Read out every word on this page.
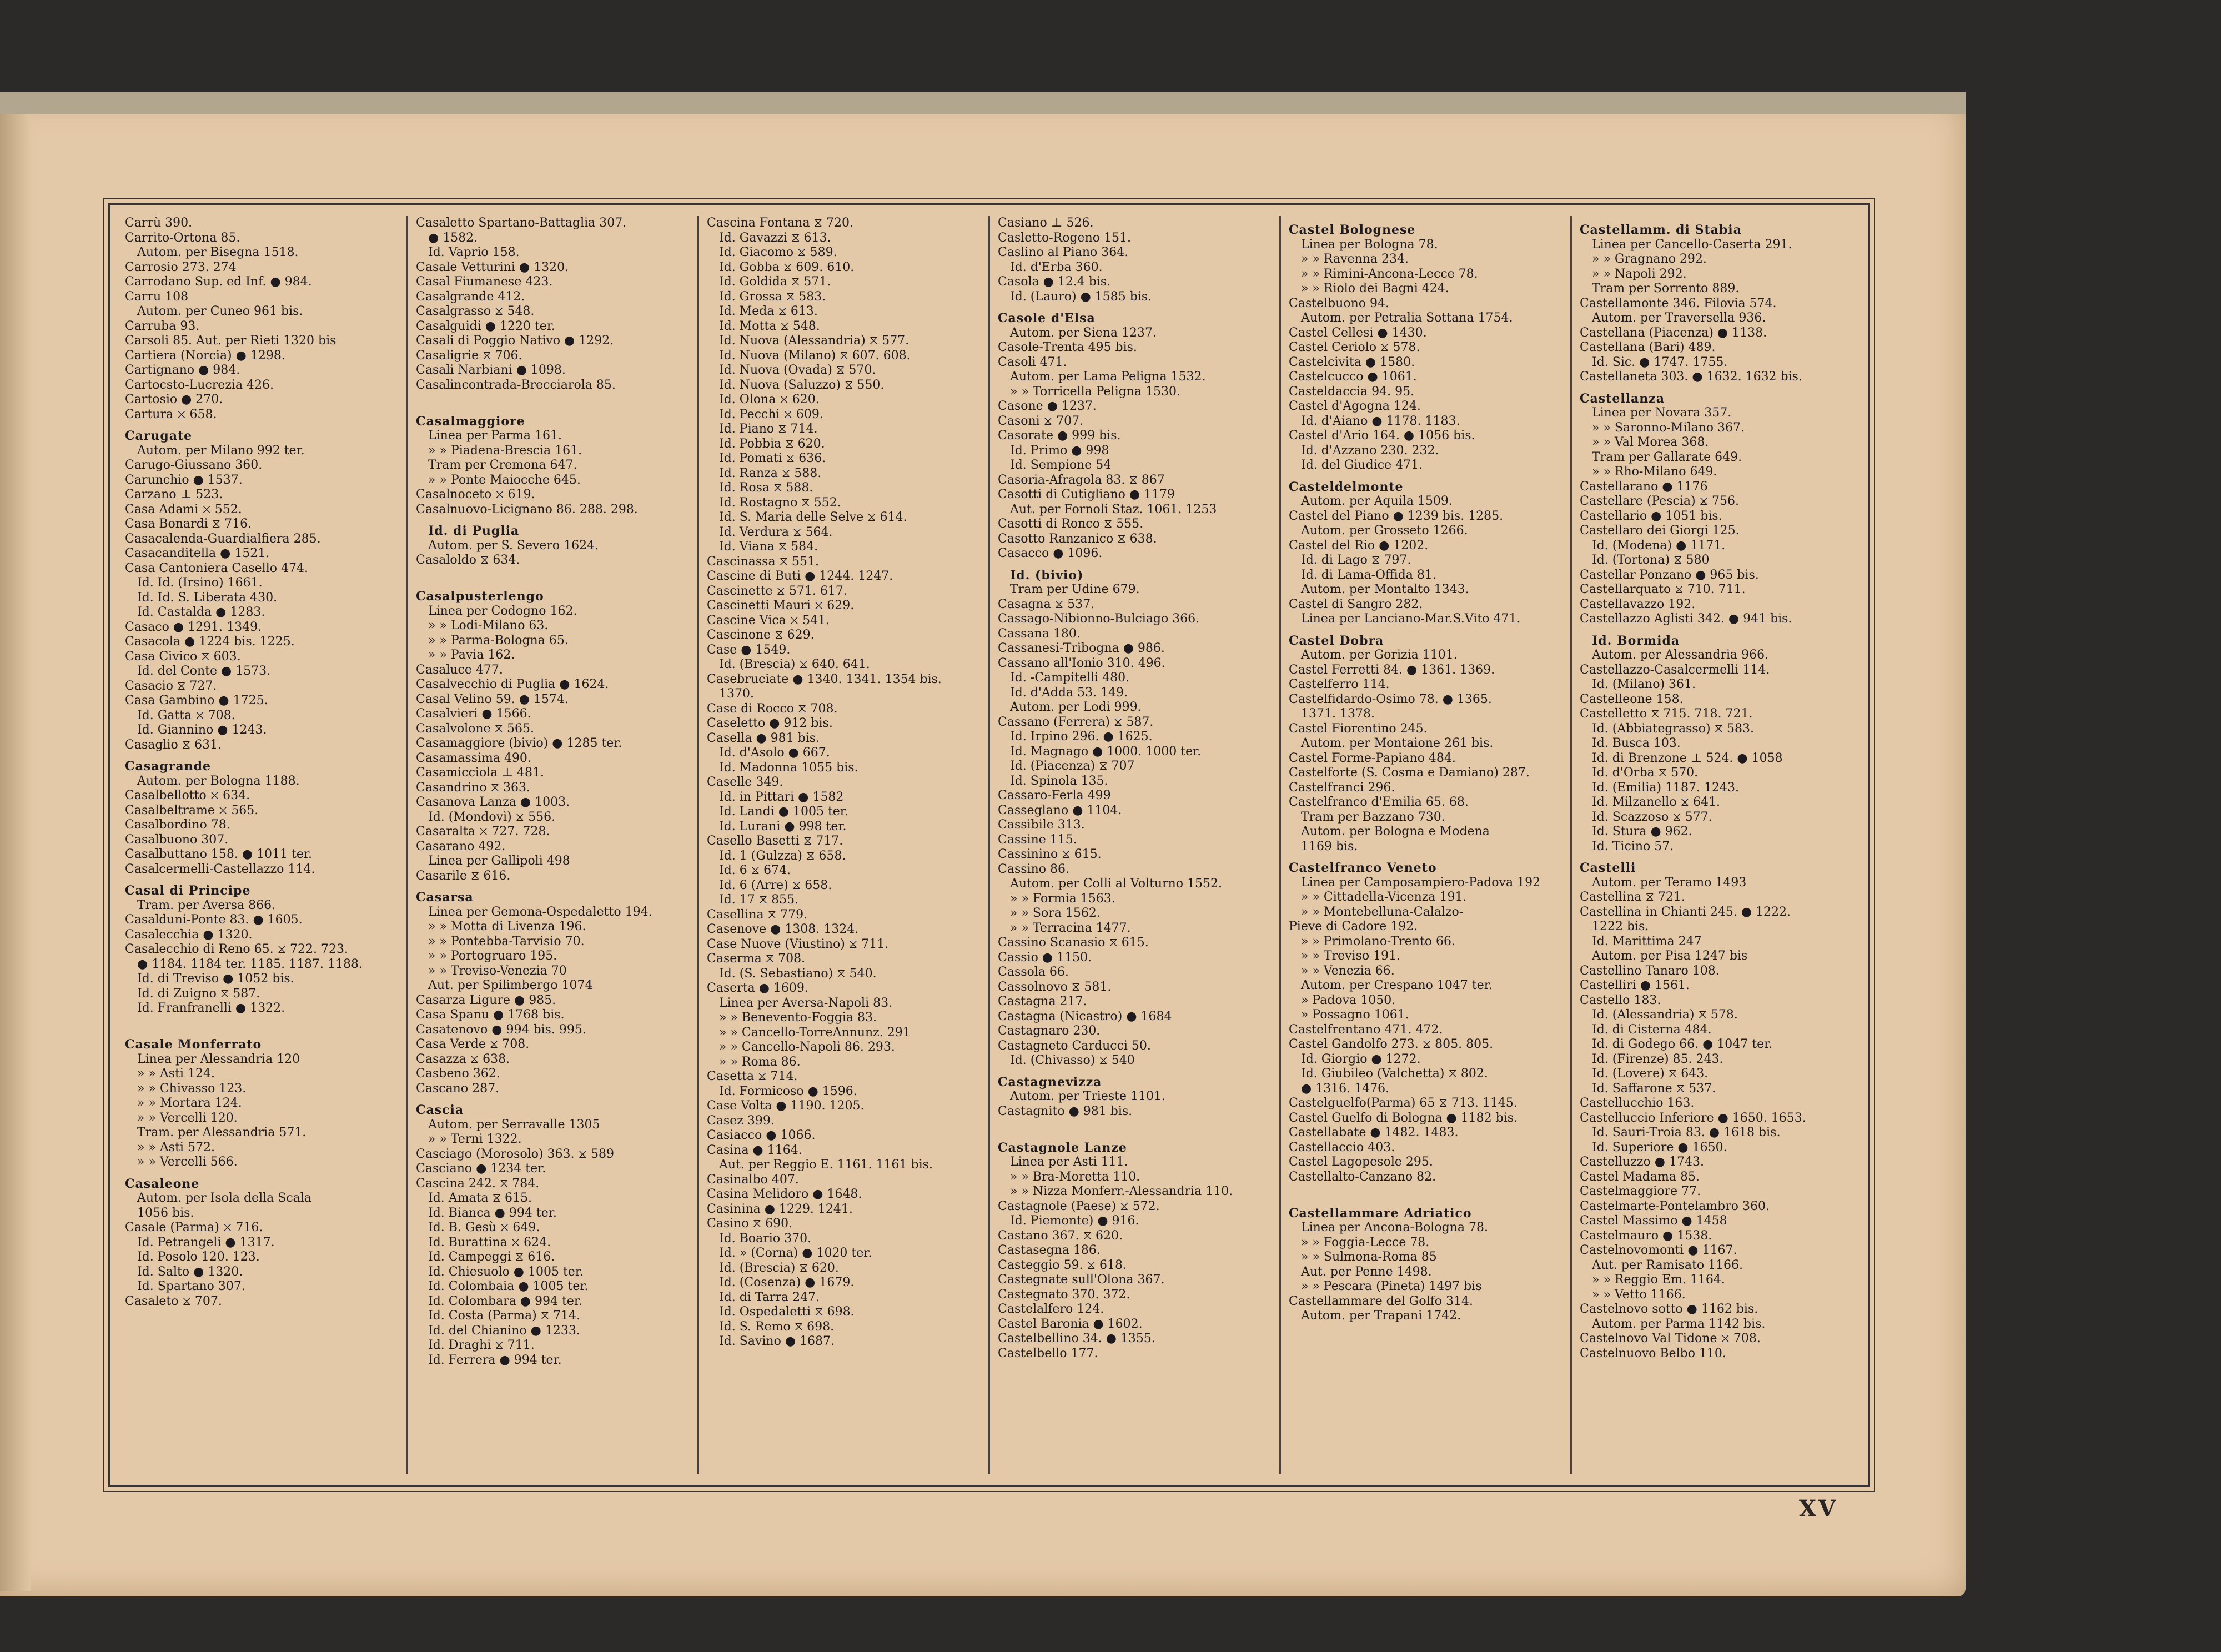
Carrù 390.
Carrito-Ortona 85.
Autom. per Bisegna 1518.
Carrosio 273. 274
Carrodano Sup. ed Inf. ● 984.
Carru 108
Autom. per Cuneo 961 bis.
Carruba 93.
Carsoli 85. Aut. per Rieti 1320 bis
Cartiera (Norcia) ● 1298.
Cartignano ● 984.
Cartocsto-Lucrezia 426.
Cartosio ● 270.
Cartura ⧖ 658.
Carugate
Autom. per Milano 992 ter.
Carugo-Giussano 360.
Carunchio ● 1537.
Carzano ⊥ 523.
Casa Adami ⧖ 552.
Casa Bonardi ⧖ 716.
Casacalenda-Guardialfiera 285.
Casacanditella ● 1521.
Casa Cantoniera Casello 474.
Id. Id. (Irsino) 1661.
Id. Id. S. Liberata 430.
Id. Castalda ● 1283.
Casaco ● 1291. 1349.
Casacola ● 1224 bis. 1225.
Casa Civico ⧖ 603.
Id. del Conte ● 1573.
Casacio ⧖ 727.
Casa Gambino ● 1725.
Id. Gatta ⧖ 708.
Id. Giannino ● 1243.
Casaglio ⧖ 631.
Casagrande
Autom. per Bologna 1188.
Casalbellotto ⧖ 634.
Casalbeltrame ⧖ 565.
Casalbordino 78.
Casalbuono 307.
Casalbuttano 158. ● 1011 ter.
Casalcermelli-Castellazzo 114.
Casal di Principe
Tram. per Aversa 866.
Casalduni-Ponte 83. ● 1605.
Casalecchia ● 1320.
Casalecchio di Reno 65. ⧖ 722. 723.
● 1184. 1184 ter. 1185. 1187. 1188.
Id. di Treviso ● 1052 bis.
Id. di Zuigno ⧖ 587.
Id. Franfranelli ● 1322.
Casale Monferrato
Linea per Alessandria 120
» » Asti 124.
» » Chivasso 123.
» » Mortara 124.
» » Vercelli 120.
Tram. per Alessandria 571.
» » Asti 572.
» » Vercelli 566.
Casaleone
Autom. per Isola della Scala
1056 bis.
Casale (Parma) ⧖ 716.
Id. Petrangeli ● 1317.
Id. Posolo 120. 123.
Id. Salto ● 1320.
Id. Spartano 307.
Casaleto ⧖ 707.
Casaletto Spartano-Battaglia 307.
● 1582.
Id. Vaprio 158.
Casale Vetturini ● 1320.
Casal Fiumanese 423.
Casalgrande 412.
Casalgrasso ⧖ 548.
Casalguidi ● 1220 ter.
Casali di Poggio Nativo ● 1292.
Casaligrie ⧖ 706.
Casali Narbiani ● 1098.
Casalincontrada-Brecciarola 85.
Casalmaggiore
Linea per Parma 161.
» » Piadena-Brescia 161.
Tram per Cremona 647.
» » Ponte Maiocche 645.
Casalnoceto ⧖ 619.
Casalnuovo-Licignano 86. 288. 298.
Id. di Puglia
Autom. per S. Severo 1624.
Casaloldo ⧖ 634.
Casalpusterlengo
Linea per Codogno 162.
» » Lodi-Milano 63.
» » Parma-Bologna 65.
» » Pavia 162.
Casaluce 477.
Casalvecchio di Puglia ● 1624.
Casal Velino 59. ● 1574.
Casalvieri ● 1566.
Casalvolone ⧖ 565.
Casamaggiore (bivio) ● 1285 ter.
Casamassima 490.
Casamicciola ⊥ 481.
Casandrino ⧖ 363.
Casanova Lanza ● 1003.
Id. (Mondovì) ⧖ 556.
Casaralta ⧖ 727. 728.
Casarano 492.
Linea per Gallipoli 498
Casarile ⧖ 616.
Casarsa
Linea per Gemona-Ospedaletto 194.
» » Motta di Livenza 196.
» » Pontebba-Tarvisio 70.
» » Portogruaro 195.
» » Treviso-Venezia 70
Aut. per Spilimbergo 1074
Casarza Ligure ● 985.
Casa Spanu ● 1768 bis.
Casatenovo ● 994 bis. 995.
Casa Verde ⧖ 708.
Casazza ⧖ 638.
Casbeno 362.
Cascano 287.
Cascia
Autom. per Serravalle 1305
» » Terni 1322.
Casciago (Morosolo) 363. ⧖ 589
Casciano ● 1234 ter.
Cascina 242. ⧖ 784.
Id. Amata ⧖ 615.
Id. Bianca ● 994 ter.
Id. B. Gesù ⧖ 649.
Id. Burattina ⧖ 624.
Id. Campeggi ⧖ 616.
Id. Chiesuolo ● 1005 ter.
Id. Colombaia ● 1005 ter.
Id. Colombara ● 994 ter.
Id. Costa (Parma) ⧖ 714.
Id. del Chianino ● 1233.
Id. Draghi ⧖ 711.
Id. Ferrera ● 994 ter.
Cascina Fontana ⧖ 720.
Id. Gavazzi ⧖ 613.
Id. Giacomo ⧖ 589.
Id. Gobba ⧖ 609. 610.
Id. Goldida ⧖ 571.
Id. Grossa ⧖ 583.
Id. Meda ⧖ 613.
Id. Motta ⧖ 548.
Id. Nuova (Alessandria) ⧖ 577.
Id. Nuova (Milano) ⧖ 607. 608.
Id. Nuova (Ovada) ⧖ 570.
Id. Nuova (Saluzzo) ⧖ 550.
Id. Olona ⧖ 620.
Id. Pecchi ⧖ 609.
Id. Piano ⧖ 714.
Id. Pobbia ⧖ 620.
Id. Pomati ⧖ 636.
Id. Ranza ⧖ 588.
Id. Rosa ⧖ 588.
Id. Rostagno ⧖ 552.
Id. S. Maria delle Selve ⧖ 614.
Id. Verdura ⧖ 564.
Id. Viana ⧖ 584.
Cascinassa ⧖ 551.
Cascine di Buti ● 1244. 1247.
Cascinette ⧖ 571. 617.
Cascinetti Mauri ⧖ 629.
Cascine Vica ⧖ 541.
Cascinone ⧖ 629.
Case ● 1549.
Id. (Brescia) ⧖ 640. 641.
Casebruciate ● 1340. 1341. 1354 bis.
1370.
Case di Rocco ⧖ 708.
Caseletto ● 912 bis.
Casella ● 981 bis.
Id. d'Asolo ● 667.
Id. Madonna 1055 bis.
Caselle 349.
Id. in Pittari ● 1582
Id. Landi ● 1005 ter.
Id. Lurani ● 998 ter.
Casello Basetti ⧖ 717.
Id. 1 (Gulzza) ⧖ 658.
Id. 6 ⧖ 674.
Id. 6 (Arre) ⧖ 658.
Id. 17 ⧖ 855.
Casellina ⧖ 779.
Casenove ● 1308. 1324.
Case Nuove (Viustino) ⧖ 711.
Caserma ⧖ 708.
Id. (S. Sebastiano) ⧖ 540.
Caserta ● 1609.
Linea per Aversa-Napoli 83.
» » Benevento-Foggia 83.
» » Cancello-TorreAnnunz. 291
» » Cancello-Napoli 86. 293.
» » Roma 86.
Casetta ⧖ 714.
Id. Formicoso ● 1596.
Case Volta ● 1190. 1205.
Casez 399.
Casiacco ● 1066.
Casina ● 1164.
Aut. per Reggio E. 1161. 1161 bis.
Casinalbo 407.
Casina Melidoro ● 1648.
Casinina ● 1229. 1241.
Casino ⧖ 690.
Id. Boario 370.
Id. » (Corna) ● 1020 ter.
Id. (Brescia) ⧖ 620.
Id. (Cosenza) ● 1679.
Id. di Tarra 247.
Id. Ospedaletti ⧖ 698.
Id. S. Remo ⧖ 698.
Id. Savino ● 1687.
Casiano ⊥ 526.
Casletto-Rogeno 151.
Caslino al Piano 364.
Id. d'Erba 360.
Casola ● 12.4 bis.
Id. (Lauro) ● 1585 bis.
Casole d'Elsa
Autom. per Siena 1237.
Casole-Trenta 495 bis.
Casoli 471.
Autom. per Lama Peligna 1532.
» » Torricella Peligna 1530.
Casone ● 1237.
Casoni ⧖ 707.
Casorate ● 999 bis.
Id. Primo ● 998
Id. Sempione 54
Casoria-Afragola 83. ⧖ 867
Casotti di Cutigliano ● 1179
Aut. per Fornoli Staz. 1061. 1253
Casotti di Ronco ⧖ 555.
Casotto Ranzanico ⧖ 638.
Casacco ● 1096.
Id. (bivio)
Tram per Udine 679.
Casagna ⧖ 537.
Cassago-Nibionno-Bulciago 366.
Cassana 180.
Cassanesi-Tribogna ● 986.
Cassano all'Ionio 310. 496.
Id. -Campitelli 480.
Id. d'Adda 53. 149.
Autom. per Lodi 999.
Cassano (Ferrera) ⧖ 587.
Id. Irpino 296. ● 1625.
Id. Magnago ● 1000. 1000 ter.
Id. (Piacenza) ⧖ 707
Id. Spinola 135.
Cassaro-Ferla 499
Casseglano ● 1104.
Cassibile 313.
Cassine 115.
Cassinino ⧖ 615.
Cassino 86.
Autom. per Colli al Volturno 1552.
» » Formia 1563.
» » Sora 1562.
» » Terracina 1477.
Cassino Scanasio ⧖ 615.
Cassio ● 1150.
Cassola 66.
Cassolnovo ⧖ 581.
Castagna 217.
Castagna (Nicastro) ● 1684
Castagnaro 230.
Castagneto Carducci 50.
Id. (Chivasso) ⧖ 540
Castagnevizza
Autom. per Trieste 1101.
Castagnito ● 981 bis.
Castagnole Lanze
Linea per Asti 111.
» » Bra-Moretta 110.
» » Nizza Monferr.-Alessandria 110.
Castagnole (Paese) ⧖ 572.
Id. Piemonte) ● 916.
Castano 367. ⧖ 620.
Castasegna 186.
Casteggio 59. ⧖ 618.
Castegnate sull'Olona 367.
Castegnato 370. 372.
Castelalfero 124.
Castel Baronia ● 1602.
Castelbellino 34. ● 1355.
Castelbello 177.
Castel Bolognese
Linea per Bologna 78.
» » Ravenna 234.
» » Rimini-Ancona-Lecce 78.
» » Riolo dei Bagni 424.
Castelbuono 94.
Autom. per Petralia Sottana 1754.
Castel Cellesi ● 1430.
Castel Ceriolo ⧖ 578.
Castelcivita ● 1580.
Castelcucco ● 1061.
Casteldaccia 94. 95.
Castel d'Agogna 124.
Id. d'Aiano ● 1178. 1183.
Castel d'Ario 164. ● 1056 bis.
Id. d'Azzano 230. 232.
Id. del Giudice 471.
Casteldelmonte
Autom. per Aquila 1509.
Castel del Piano ● 1239 bis. 1285.
Autom. per Grosseto 1266.
Castel del Rio ● 1202.
Id. di Lago ⧖ 797.
Id. di Lama-Offida 81.
Autom. per Montalto 1343.
Castel di Sangro 282.
Linea per Lanciano-Mar.S.Vito 471.
Castel Dobra
Autom. per Gorizia 1101.
Castel Ferretti 84. ● 1361. 1369.
Castelferro 114.
Castelfidardo-Osimo 78. ● 1365.
1371. 1378.
Castel Fiorentino 245.
Autom. per Montaione 261 bis.
Castel Forme-Papiano 484.
Castelforte (S. Cosma e Damiano) 287.
Castelfranci 296.
Castelfranco d'Emilia 65. 68.
Tram per Bazzano 730.
Autom. per Bologna e Modena
1169 bis.
Castelfranco Veneto
Linea per Camposampiero-Padova 192
» » Cittadella-Vicenza 191.
» » Montebelluna-Calalzo-
Pieve di Cadore 192.
» » Primolano-Trento 66.
» » Treviso 191.
» » Venezia 66.
Autom. per Crespano 1047 ter.
» Padova 1050.
» Possagno 1061.
Castelfrentano 471. 472.
Castel Gandolfo 273. ⧖ 805. 805.
Id. Giorgio ● 1272.
Id. Giubileo (Valchetta) ⧖ 802.
● 1316. 1476.
Castelguelfo(Parma) 65 ⧖ 713. 1145.
Castel Guelfo di Bologna ● 1182 bis.
Castellabate ● 1482. 1483.
Castellaccio 403.
Castel Lagopesole 295.
Castellalto-Canzano 82.
Castellammare Adriatico
Linea per Ancona-Bologna 78.
» » Foggia-Lecce 78.
» » Sulmona-Roma 85
Aut. per Penne 1498.
» » Pescara (Pineta) 1497 bis
Castellammare del Golfo 314.
Autom. per Trapani 1742.
Castellamm. di Stabia
Linea per Cancello-Caserta 291.
» » Gragnano 292.
» » Napoli 292.
Tram per Sorrento 889.
Castellamonte 346. Filovia 574.
Autom. per Traversella 936.
Castellana (Piacenza) ● 1138.
Castellana (Bari) 489.
Id. Sic. ● 1747. 1755.
Castellaneta 303. ● 1632. 1632 bis.
Castellanza
Linea per Novara 357.
» » Saronno-Milano 367.
» » Val Morea 368.
Tram per Gallarate 649.
» » Rho-Milano 649.
Castellarano ● 1176
Castellare (Pescia) ⧖ 756.
Castellario ● 1051 bis.
Castellaro dei Giorgi 125.
Id. (Modena) ● 1171.
Id. (Tortona) ⧖ 580
Castellar Ponzano ● 965 bis.
Castellarquato ⧖ 710. 711.
Castellavazzo 192.
Castellazzo Aglisti 342. ● 941 bis.
Id. Bormida
Autom. per Alessandria 966.
Castellazzo-Casalcermelli 114.
Id. (Milano) 361.
Castelleone 158.
Castelletto ⧖ 715. 718. 721.
Id. (Abbiategrasso) ⧖ 583.
Id. Busca 103.
Id. di Brenzone ⊥ 524. ● 1058
Id. d'Orba ⧖ 570.
Id. (Emilia) 1187. 1243.
Id. Milzanello ⧖ 641.
Id. Scazzoso ⧖ 577.
Id. Stura ● 962.
Id. Ticino 57.
Castelli
Autom. per Teramo 1493
Castellina ⧖ 721.
Castellina in Chianti 245. ● 1222.
1222 bis.
Id. Marittima 247
Autom. per Pisa 1247 bis
Castellino Tanaro 108.
Castelliri ● 1561.
Castello 183.
Id. (Alessandria) ⧖ 578.
Id. di Cisterna 484.
Id. di Godego 66. ● 1047 ter.
Id. (Firenze) 85. 243.
Id. (Lovere) ⧖ 643.
Id. Saffarone ⧖ 537.
Castellucchio 163.
Castelluccio Inferiore ● 1650. 1653.
Id. Sauri-Troia 83. ● 1618 bis.
Id. Superiore ● 1650.
Castelluzzo ● 1743.
Castel Madama 85.
Castelmaggiore 77.
Castelmarte-Pontelambro 360.
Castel Massimo ● 1458
Castelmauro ● 1538.
Castelnovomonti ● 1167.
Aut. per Ramisato 1166.
» » Reggio Em. 1164.
» » Vetto 1166.
Castelnovo sotto ● 1162 bis.
Autom. per Parma 1142 bis.
Castelnovo Val Tidone ⧖ 708.
Castelnuovo Belbo 110.
XV
